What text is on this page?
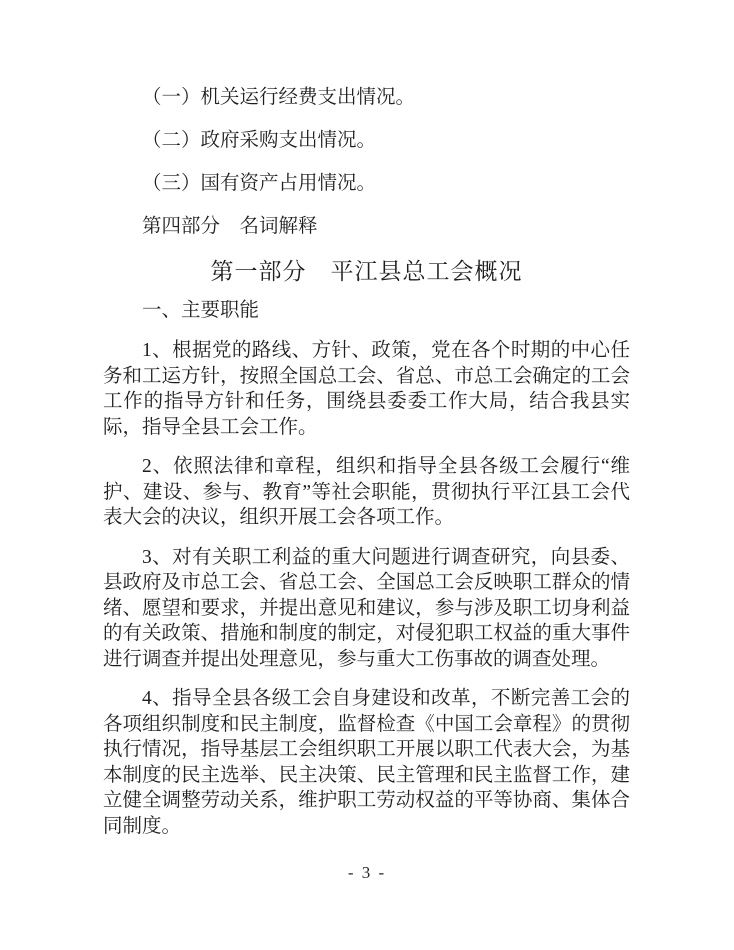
（一）机关运行经费支出情况。

（二）政府采购支出情况。

（三）国有资产占用情况。

第四部分　名词解释

第一部分　平江县总工会概况
一、主要职能

1、根据党的路线、方针、政策，党在各个时期的中心任务和工运方针，按照全国总工会、省总、市总工会确定的工会工作的指导方针和任务，围绕县委委工作大局，结合我县实际，指导全县工会工作。

2、依照法律和章程，组织和指导全县各级工会履行“维护、建设、参与、教育”等社会职能，贯彻执行平江县工会代表大会的决议，组织开展工会各项工作。

3、对有关职工利益的重大问题进行调查研究，向县委、县政府及市总工会、省总工会、全国总工会反映职工群众的情绪、愿望和要求，并提出意见和建议，参与涉及职工切身利益的有关政策、措施和制度的制定，对侵犯职工权益的重大事件进行调查并提出处理意见，参与重大工伤事故的调查处理。

4、指导全县各级工会自身建设和改革，不断完善工会的各项组织制度和民主制度，监督检查《中国工会章程》的贯彻执行情况，指导基层工会组织职工开展以职工代表大会，为基本制度的民主选举、民主决策、民主管理和民主监督工作，建立健全调整劳动关系，维护职工劳动权益的平等协商、集体合同制度。

- 3 -
